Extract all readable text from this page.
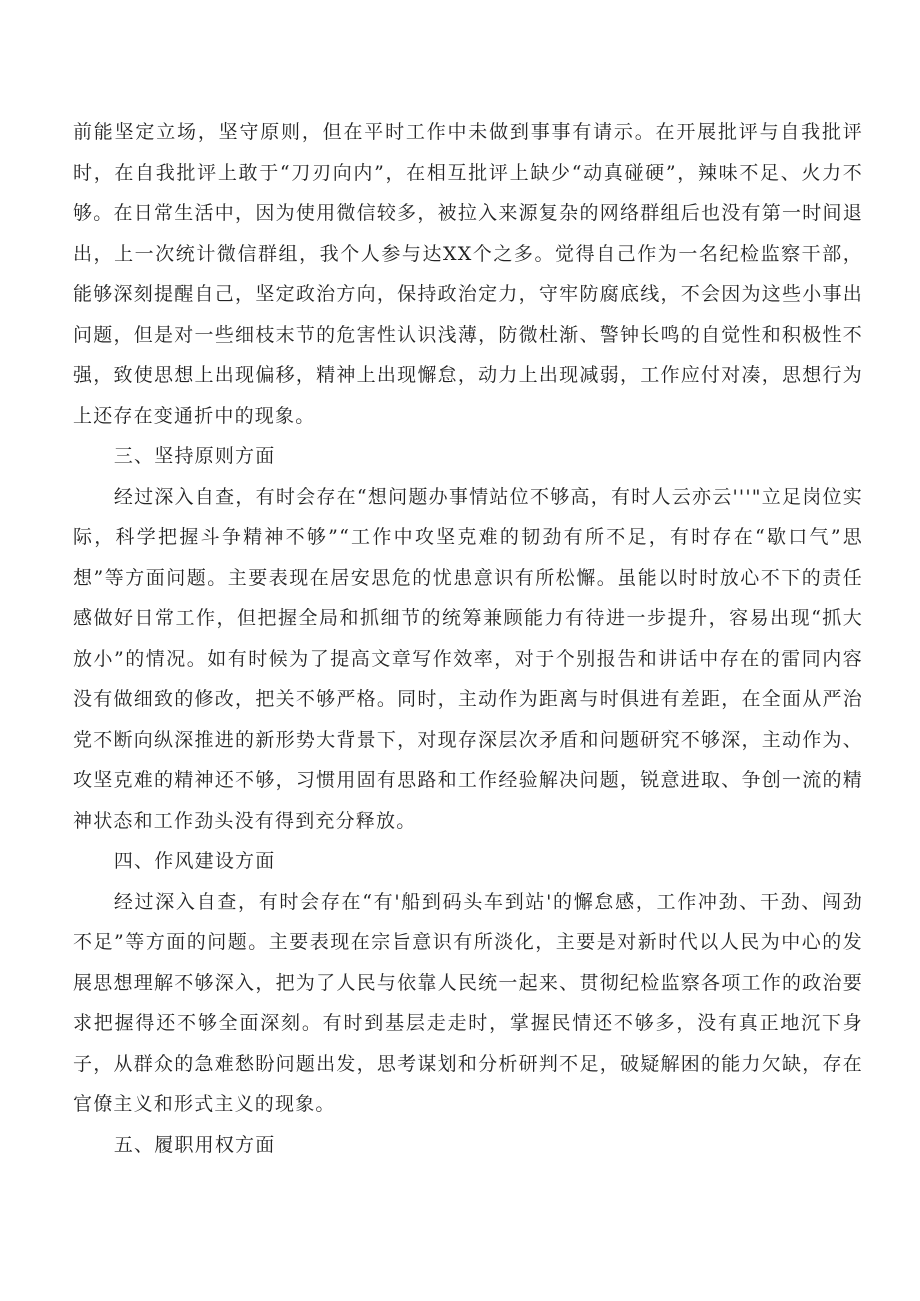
前能坚定立场，坚守原则，但在平时工作中未做到事事有请示。在开展批评与自我批评时，在自我批评上敢于“刀刃向内”，在相互批评上缺少“动真碰硬”，辣味不足、火力不够。在日常生活中，因为使用微信较多，被拉入来源复杂的网络群组后也没有第一时间退出，上一次统计微信群组，我个人参与达XX个之多。觉得自己作为一名纪检监察干部，能够深刻提醒自己，坚定政治方向，保持政治定力，守牢防腐底线，不会因为这些小事出问题，但是对一些细枝末节的危害性认识浅薄，防微杜渐、警钟长鸣的自觉性和积极性不强，致使思想上出现偏移，精神上出现懈怠，动力上出现减弱，工作应付对凑，思想行为上还存在变通折中的现象。

三、坚持原则方面

经过深入自查，有时会存在“想问题办事情站位不够高，有时人云亦云'''"立足岗位实际，科学把握斗争精神不够”“工作中攻坚克难的韧劲有所不足，有时存在“歇口气”思想”等方面问题。主要表现在居安思危的忧患意识有所松懈。虽能以时时放心不下的责任感做好日常工作，但把握全局和抓细节的统筹兼顾能力有待进一步提升，容易出现“抓大放小”的情况。如有时候为了提高文章写作效率，对于个别报告和讲话中存在的雷同内容没有做细致的修改，把关不够严格。同时，主动作为距离与时俱进有差距，在全面从严治党不断向纵深推进的新形势大背景下，对现存深层次矛盾和问题研究不够深，主动作为、攻坚克难的精神还不够，习惯用固有思路和工作经验解决问题，锐意进取、争创一流的精神状态和工作劲头没有得到充分释放。

四、作风建设方面

经过深入自查，有时会存在“有'船到码头车到站'的懈怠感，工作冲劲、干劲、闯劲不足”等方面的问题。主要表现在宗旨意识有所淡化，主要是对新时代以人民为中心的发展思想理解不够深入，把为了人民与依靠人民统一起来、贯彻纪检监察各项工作的政治要求把握得还不够全面深刻。有时到基层走走时，掌握民情还不够多，没有真正地沉下身子，从群众的急难愁盼问题出发，思考谋划和分析研判不足，破疑解困的能力欠缺，存在官僚主义和形式主义的现象。

五、履职用权方面
